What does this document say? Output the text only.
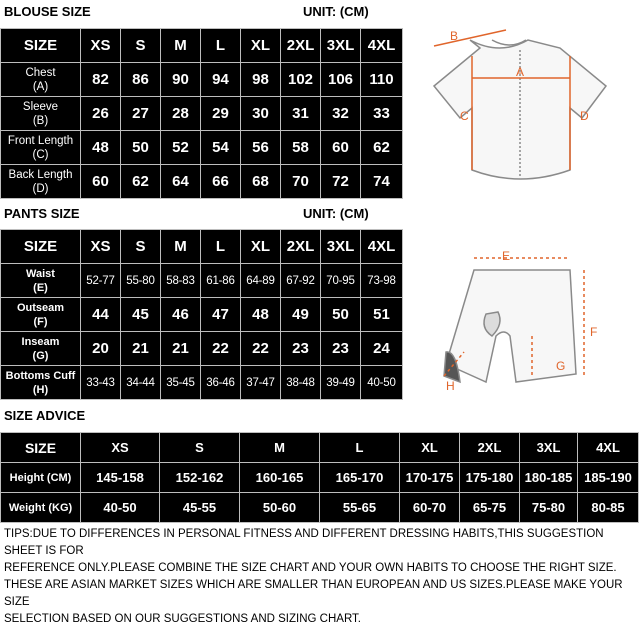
BLOUSE SIZE	UNIT: (CM)
SIZE	XS	S	M	L	XL	2XL	3XL	4XL
Chest
(A)	82	86	90	94	98	102	106	110
Sleeve
(B)	26	27	28	29	30	31	32	33
Front Length
(C)	48	50	52	54	56	58	60	62
Back Length
(D)	60	62	64	66	68	70	72	74
B
A
C	D
PANTS SIZE	UNIT: (CM)
SIZE	XS	S	M	L	XL	2XL	3XL	4XL
Waist
(E)	52-77	55-80	58-83	61-86	64-89	67-92	70-95	73-98
Outseam
(F)	44	45	46	47	48	49	50	51
Inseam
(G)	20	21	21	22	22	23	23	24
Bottoms Cuff
(H)	33-43	34-44	35-45	36-46	37-47	38-48	39-49	40-50
E
F
G
H
SIZE ADVICE
SIZE	XS	S	M	L	XL	2XL	3XL	4XL
Height (CM)	145-158	152-162	160-165	165-170	170-175	175-180	180-185	185-190
Weight (KG)	40-50	45-55	50-60	55-65	60-70	65-75	75-80	80-85
TIPS:DUE TO DIFFERENCES IN PERSONAL FITNESS AND DIFFERENT DRESSING HABITS,THIS SUGGESTION SHEET IS FOR
REFERENCE ONLY.PLEASE COMBINE THE SIZE CHART AND YOUR OWN HABITS TO CHOOSE THE RIGHT SIZE.
THESE ARE ASIAN MARKET SIZES WHICH ARE SMALLER THAN EUROPEAN AND US SIZES.PLEASE MAKE YOUR SIZE
SELECTION BASED ON OUR SUGGESTIONS AND SIZING CHART.
